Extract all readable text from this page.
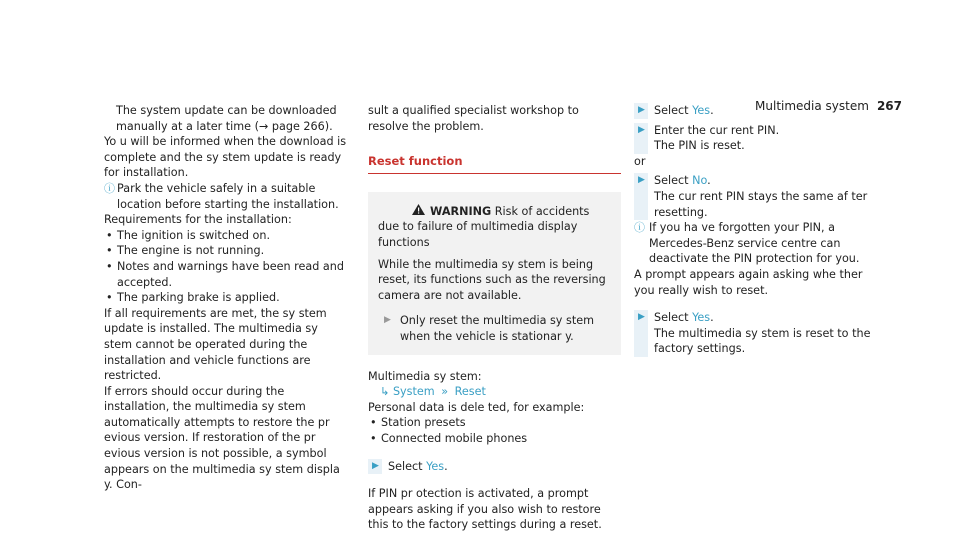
Multimedia system 267
The system update can be downloaded manually at a later time (→ page 266).
Yo u will be informed when the download is complete and the sy stem update is ready for installation.
ⓘ Park the vehicle safely in a suitable location before starting the installation.
Requirements for the installation:
• The ignition is switched on.
• The engine is not running.
• Notes and warnings have been read and accepted.
• The parking brake is applied.
If all requirements are met, the sy stem update is installed. The multimedia sy stem cannot be operated during the installation and vehicle functions are restricted.
If errors should occur during the installation, the multimedia sy stem automatically attempts to restore the pr evious version. If restoration of the pr evious version is not possible, a symbol appears on the multimedia sy stem displa y. Con-
sult a qualified specialist workshop to resolve the problem.
Reset function
WARNING Risk of accidents due to failure of multimedia display functions
While the multimedia sy stem is being reset, its functions such as the reversing camera are not available.
▶ Only reset the multimedia sy stem when the vehicle is stationar y.
Multimedia sy stem:
↳ System » Reset
Personal data is dele ted, for example:
• Station presets
• Connected mobile phones
▶ Select Yes.
If PIN pr otection is activated, a prompt appears asking if you also wish to restore this to the factory settings during a reset.
▶ Select Yes.
▶ Enter the cur rent PIN.
The PIN is reset.
or
▶ Select No.
The cur rent PIN stays the same af ter resetting.
ⓘ If you ha ve forgotten your PIN, a Mercedes-Benz service centre can deactivate the PIN protection for you.
A prompt appears again asking whe ther you really wish to reset.
▶ Select Yes.
The multimedia sy stem is reset to the factory settings.
